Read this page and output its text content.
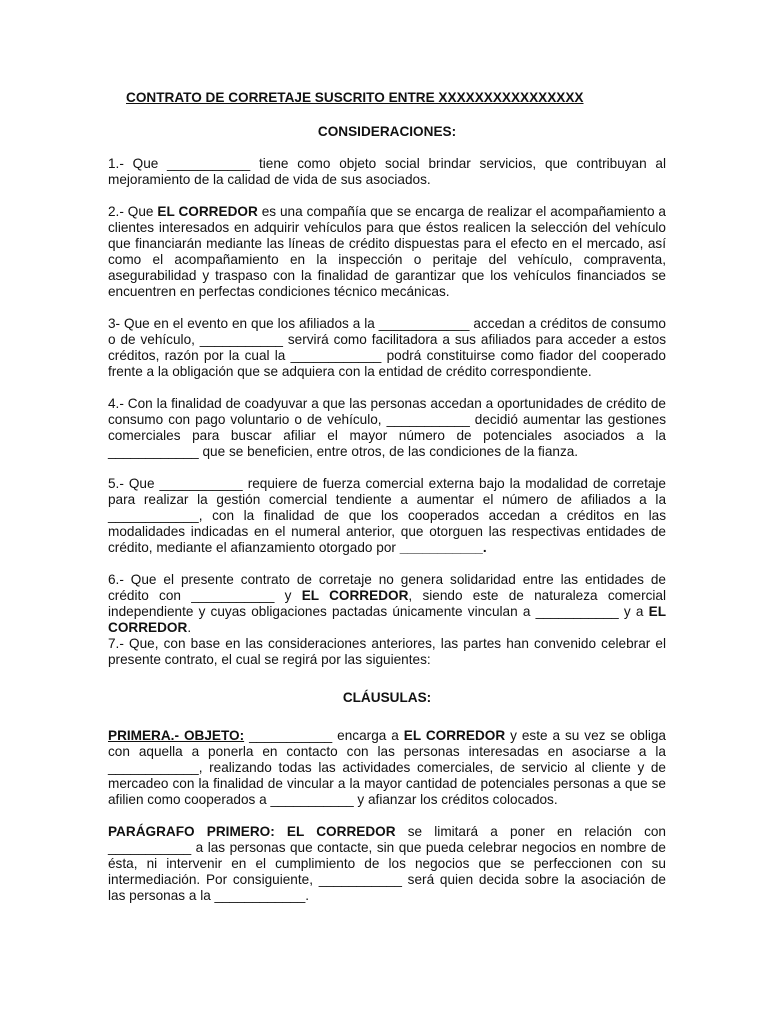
CONTRATO DE CORRETAJE SUSCRITO ENTRE XXXXXXXXXXXXXXXX
CONSIDERACIONES:

1.- Que ___________ tiene como objeto social brindar servicios, que contribuyan al mejoramiento de la calidad de vida de sus asociados.

2.- Que EL CORREDOR es una compañía que se encarga de realizar el acompañamiento a clientes interesados en adquirir vehículos para que éstos realicen la selección del vehículo que financiarán mediante las líneas de crédito dispuestas para el efecto en el mercado, así como el acompañamiento en la inspección o peritaje del vehículo, compraventa, asegurabilidad y traspaso con la finalidad de garantizar que los vehículos financiados se encuentren en perfectas condiciones técnico mecánicas.

3- Que en el evento en que los afiliados a la ____________ accedan a créditos de consumo o de vehículo, ___________ servirá como facilitadora a sus afiliados para acceder a estos créditos, razón por la cual la ____________ podrá constituirse como fiador del cooperado frente a la obligación que se adquiera con la entidad de crédito correspondiente.

4.- Con la finalidad de coadyuvar a que las personas accedan a oportunidades de crédito de consumo con pago voluntario o de vehículo, ___________ decidió aumentar las gestiones comerciales para buscar afiliar el mayor número de potenciales asociados a la ____________ que se beneficien, entre otros, de las condiciones de la fianza.

5.- Que ___________ requiere de fuerza comercial externa bajo la modalidad de corretaje para realizar la gestión comercial tendiente a aumentar el número de afiliados a la ____________, con la finalidad de que los cooperados accedan a créditos en las modalidades indicadas en el numeral anterior, que otorguen las respectivas entidades de crédito, mediante el afianzamiento otorgado por ___________.

6.- Que el presente contrato de corretaje no genera solidaridad entre las entidades de crédito con ___________ y EL CORREDOR, siendo este de naturaleza comercial independiente y cuyas obligaciones pactadas únicamente vinculan a ___________ y a EL CORREDOR.

7.- Que, con base en las consideraciones anteriores, las partes han convenido celebrar el presente contrato, el cual se regirá por las siguientes:

CLÁUSULAS:

PRIMERA.- OBJETO: ___________ encarga a EL CORREDOR y este a su vez se obliga con aquella a ponerla en contacto con las personas interesadas en asociarse a la ____________, realizando todas las actividades comerciales, de servicio al cliente y de mercadeo con la finalidad de vincular a la mayor cantidad de potenciales personas a que se afilien como cooperados a ___________ y afianzar los créditos colocados.

PARÁGRAFO PRIMERO: EL CORREDOR se limitará a poner en relación con ___________ a las personas que contacte, sin que pueda celebrar negocios en nombre de ésta, ni intervenir en el cumplimiento de los negocios que se perfeccionen con su intermediación. Por consiguiente, ___________ será quien decida sobre la asociación de las personas a la ____________.
